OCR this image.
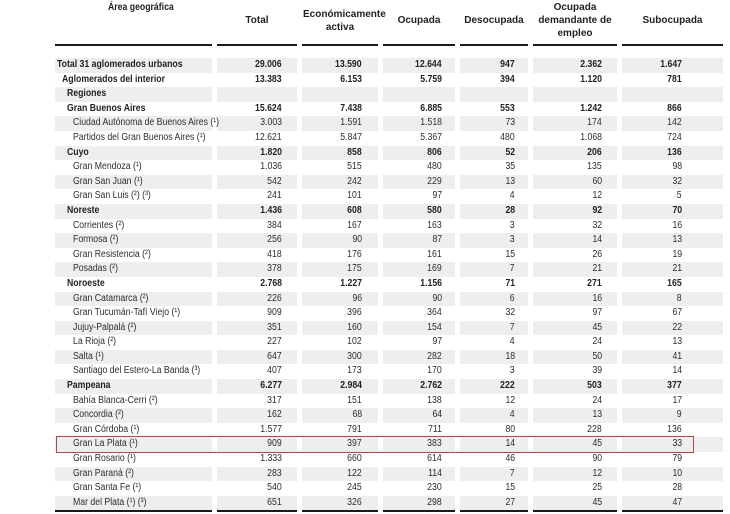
Área geográfica	Total	Económicamente activa	Ocupada	Desocupada	Ocupada demandante de empleo	Subocupada

Total 31 aglomerados urbanos	29.006	13.590	12.644	947	2.362	1.647
Aglomerados del interior	13.383	6.153	5.759	394	1.120	781
Regiones						
Gran Buenos Aires	15.624	7.438	6.885	553	1.242	866
Ciudad Autónoma de Buenos Aires (¹)	3.003	1.591	1.518	73	174	142
Partidos del Gran Buenos Aires (¹)	12.621	5.847	5.367	480	1.068	724
Cuyo	1.820	858	806	52	206	136
Gran Mendoza (¹)	1.036	515	480	35	135	98
Gran San Juan (¹)	542	242	229	13	60	32
Gran San Luis (²) (³)	241	101	97	4	12	5
Noreste	1.436	608	580	28	92	70
Corrientes (²)	384	167	163	3	32	16
Formosa (²)	256	90	87	3	14	13
Gran Resistencia (²)	418	176	161	15	26	19
Posadas (²)	378	175	169	7	21	21
Noroeste	2.768	1.227	1.156	71	271	165
Gran Catamarca (²)	226	96	90	6	16	8
Gran Tucumán-Tafí Viejo (¹)	909	396	364	32	97	67
Jujuy-Palpalá (²)	351	160	154	7	45	22
La Rioja (²)	227	102	97	4	24	13
Salta (¹)	647	300	282	18	50	41
Santiago del Estero-La Banda (³)	407	173	170	3	39	14
Pampeana	6.277	2.984	2.762	222	503	377
Bahía Blanca-Cerri (²)	317	151	138	12	24	17
Concordia (²)	162	68	64	4	13	9
Gran Córdoba (¹)	1.577	791	711	80	228	136
Gran La Plata (¹)	909	397	383	14	45	33
Gran Rosario (¹)	1.333	660	614	46	90	79
Gran Paraná (²)	283	122	114	7	12	10
Gran Santa Fe (¹)	540	245	230	15	25	28
Mar del Plata (¹) (³)	651	326	298	27	45	47
